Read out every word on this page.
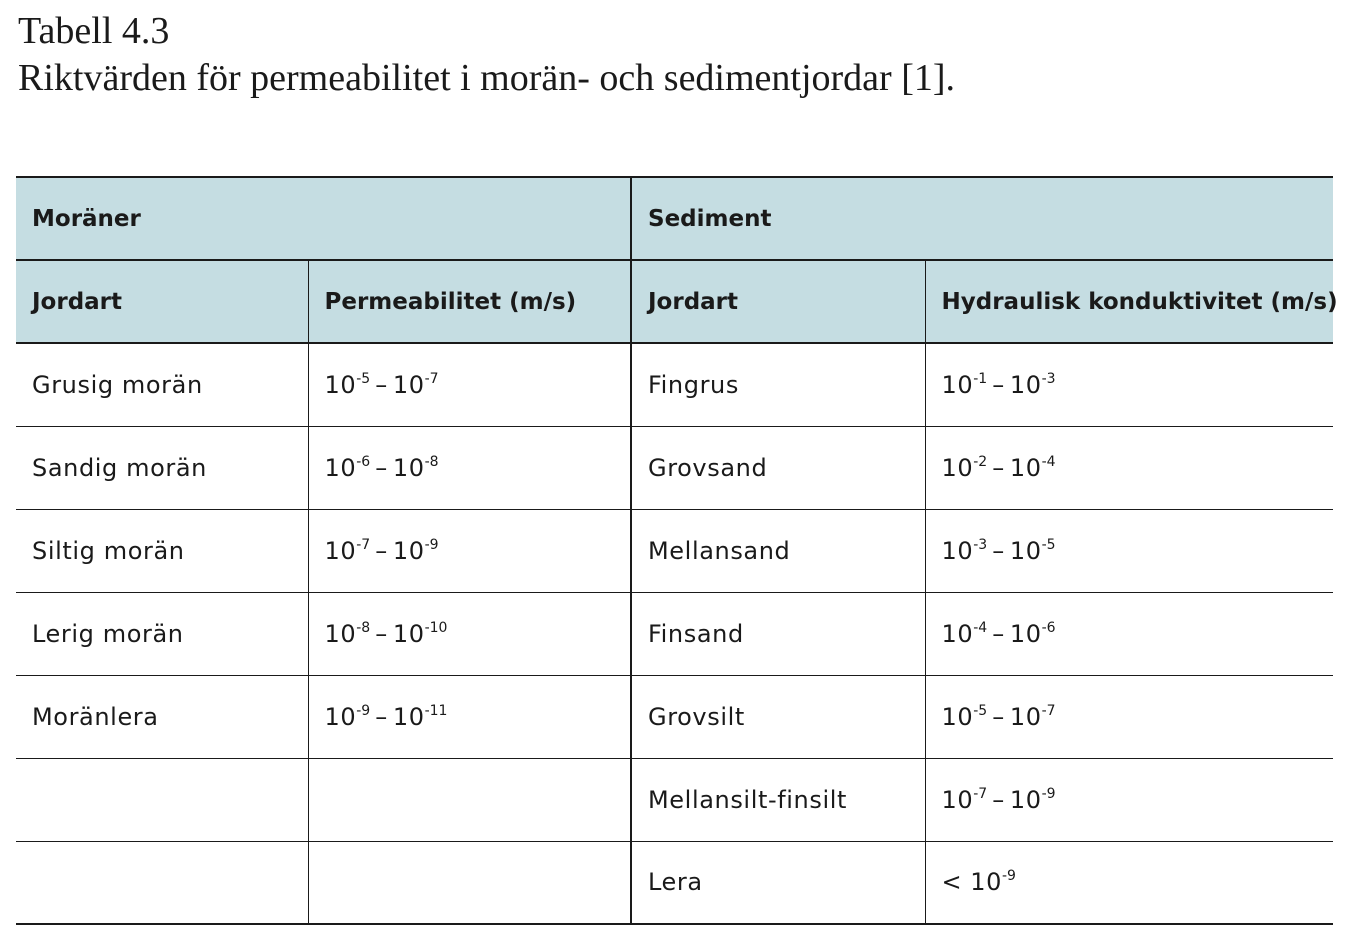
Tabell 4.3
Riktvärden för permeabilitet i morän- och sedimentjordar [1].
Moräner		Sediment	
Jordart	Permeabilitet (m/s)	Jordart	Hydraulisk konduktivitet (m/s)
Grusig morän	$10^{-5} - 10^{-7}$	Fingrus	$10^{-1} - 10^{-3}$
Sandig morän	$10^{-6} - 10^{-8}$	Grovsand	$10^{-2} - 10^{-4}$
Siltig morän	$10^{-7} - 10^{-9}$	Mellansand	$10^{-3} - 10^{-5}$
Lerig morän	$10^{-8} - 10^{-10}$	Finsand	$10^{-4} - 10^{-6}$
Moränlera	$10^{-9} - 10^{-11}$	Grovsilt	$10^{-5} - 10^{-7}$
		Mellansilt-finsilt	$10^{-7} - 10^{-9}$
		Lera	< $10^{-9}$
